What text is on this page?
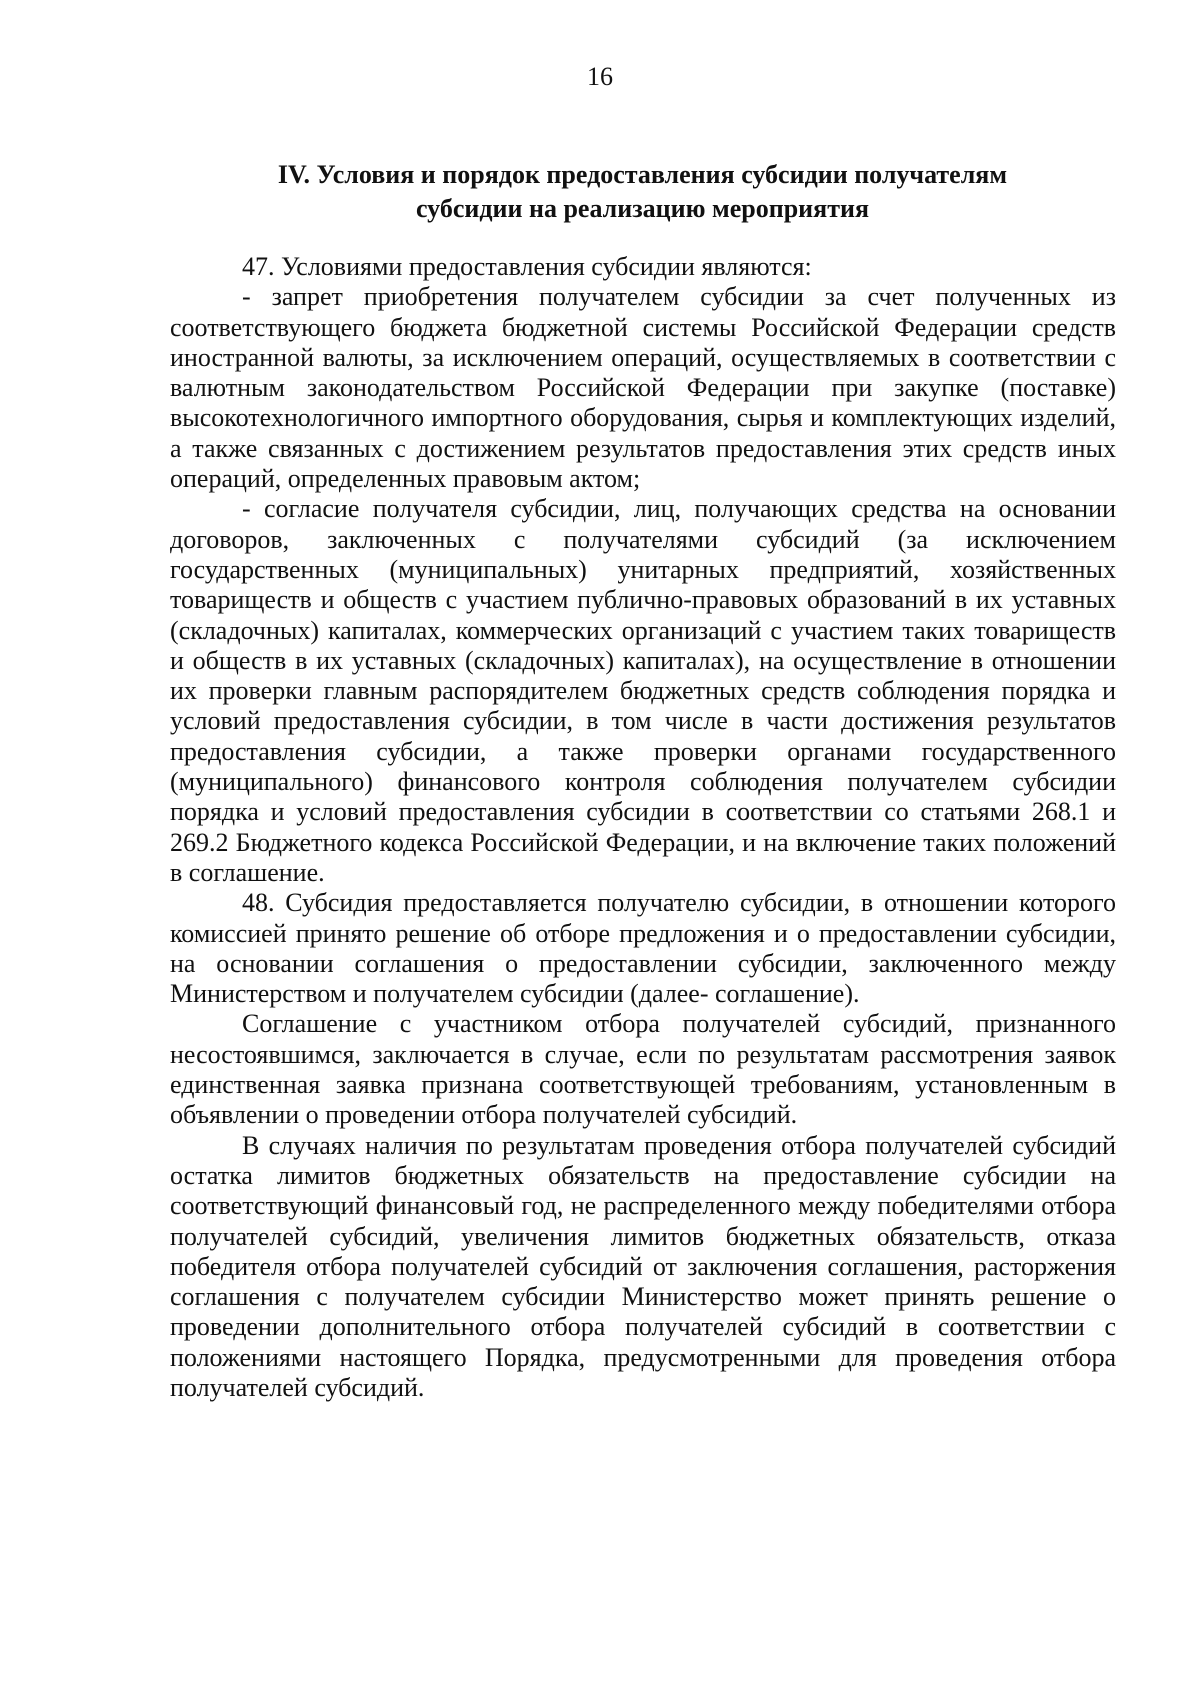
16
IV. Условия и порядок предоставления субсидии получателям
субсидии на реализацию мероприятия

47. Условиями предоставления субсидии являются:

- запрет приобретения получателем субсидии за счет полученных из соответствующего бюджета бюджетной системы Российской Федерации средств иностранной валюты, за исключением операций, осуществляемых в соответствии с валютным законодательством Российской Федерации при закупке (поставке) высокотехнологичного импортного оборудования, сырья и комплектующих изделий, а также связанных с достижением результатов предоставления этих средств иных операций, определенных правовым актом;

- согласие получателя субсидии, лиц, получающих средства на основании договоров, заключенных с получателями субсидий (за исключением государственных (муниципальных) унитарных предприятий, хозяйственных товариществ и обществ с участием публично-правовых образований в их уставных (складочных) капиталах, коммерческих организаций с участием таких товариществ и обществ в их уставных (складочных) капиталах), на осуществление в отношении их проверки главным распорядителем бюджетных средств соблюдения порядка и условий предоставления субсидии, в том числе в части достижения результатов предоставления субсидии, а также проверки органами государственного (муниципального) финансового контроля соблюдения получателем субсидии порядка и условий предоставления субсидии в соответствии со статьями 268.1 и 269.2 Бюджетного кодекса Российской Федерации, и на включение таких положений в соглашение.

48. Субсидия предоставляется получателю субсидии, в отношении которого комиссией принято решение об отборе предложения и о предоставлении субсидии, на основании соглашения о предоставлении субсидии, заключенного между Министерством и получателем субсидии (далее- соглашение).

Соглашение с участником отбора получателей субсидий, признанного несостоявшимся, заключается в случае, если по результатам рассмотрения заявок единственная заявка признана соответствующей требованиям, установленным в объявлении о проведении отбора получателей субсидий.

В случаях наличия по результатам проведения отбора получателей субсидий остатка лимитов бюджетных обязательств на предоставление субсидии на соответствующий финансовый год, не распределенного между победителями отбора получателей субсидий, увеличения лимитов бюджетных обязательств, отказа победителя отбора получателей субсидий от заключения соглашения, расторжения соглашения с получателем субсидии Министерство может принять решение о проведении дополнительного отбора получателей субсидий в соответствии с положениями настоящего Порядка, предусмотренными для проведения отбора получателей субсидий.
